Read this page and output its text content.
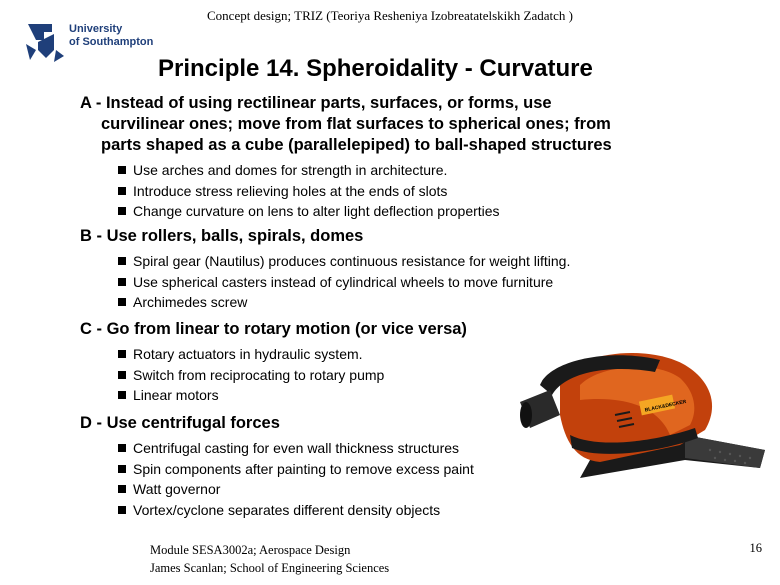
Concept design; TRIZ (Teoriya Resheniya Izobreatatelskikh Zadatch )
University
of Southampton
Principle 14. Spheroidality - Curvature
A - Instead of using rectilinear parts, surfaces, or forms, use
curvilinear ones; move from flat surfaces to spherical ones; from
parts shaped as a cube (parallelepiped) to ball-shaped structures
Use arches and domes for strength in architecture.
Introduce stress relieving holes at the ends of slots
Change curvature on lens to alter light deflection properties
B - Use rollers, balls, spirals, domes
Spiral gear (Nautilus) produces continuous resistance for weight lifting.
Use spherical casters instead of cylindrical wheels to move furniture
Archimedes screw
C - Go from linear to rotary motion (or vice versa)
Rotary actuators in hydraulic system.
Switch from reciprocating to rotary pump
Linear motors
D - Use centrifugal forces
Centrifugal casting for even wall thickness structures
Spin components after painting to remove excess paint
Watt governor
Vortex/cyclone separates different density objects
BLACK&DECKER
Module SESA3002a; Aerospace Design
James Scanlan; School of Engineering Sciences
16
